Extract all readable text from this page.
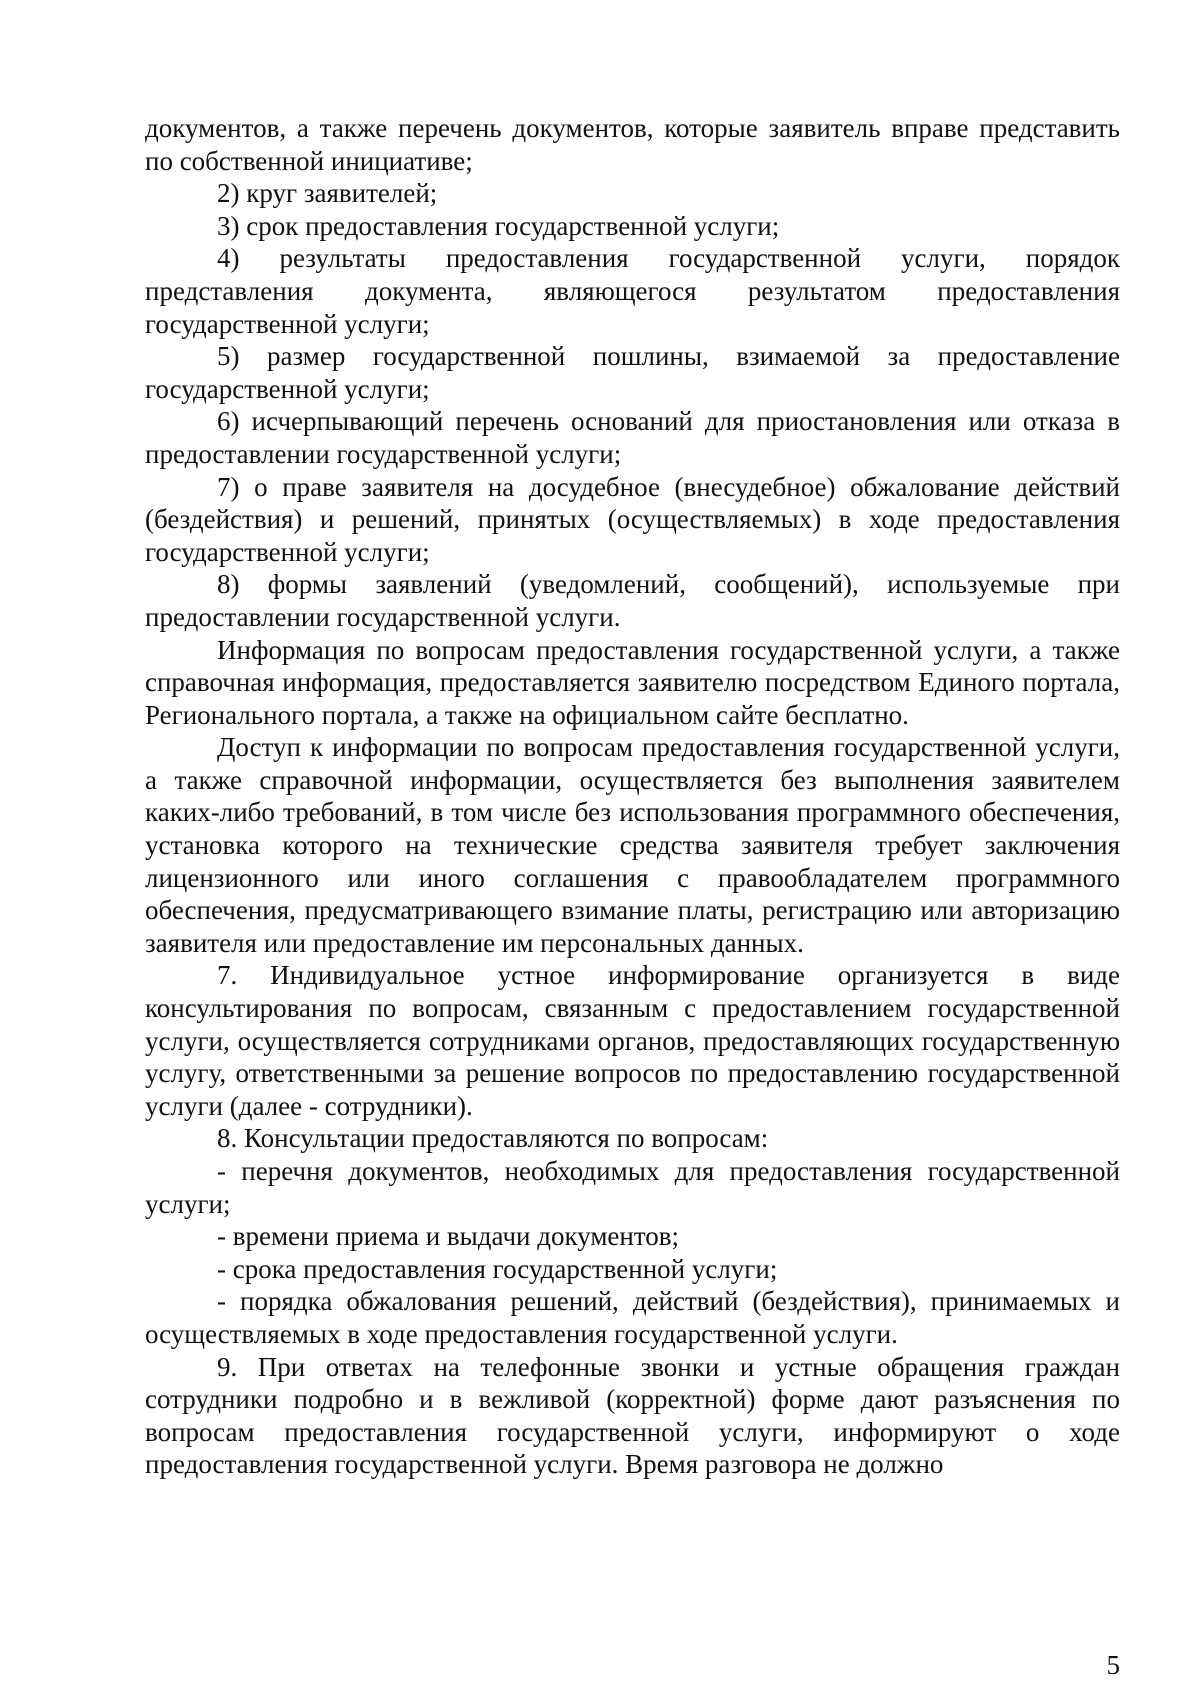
документов, а также перечень документов, которые заявитель вправе представить по собственной инициативе;

2) круг заявителей;

3) срок предоставления государственной услуги;

4) результаты предоставления государственной услуги, порядок представления документа, являющегося результатом предоставления государственной услуги;

5) размер государственной пошлины, взимаемой за предоставление государственной услуги;

6) исчерпывающий перечень оснований для приостановления или отказа в предоставлении государственной услуги;

7) о праве заявителя на досудебное (внесудебное) обжалование действий (бездействия) и решений, принятых (осуществляемых) в ходе предоставления государственной услуги;

8) формы заявлений (уведомлений, сообщений), используемые при предоставлении государственной услуги.

Информация по вопросам предоставления государственной услуги, а также справочная информация, предоставляется заявителю посредством Единого портала, Регионального портала, а также на официальном сайте бесплатно.

Доступ к информации по вопросам предоставления государственной услуги, а также справочной информации, осуществляется без выполнения заявителем каких-либо требований, в том числе без использования программного обеспечения, установка которого на технические средства заявителя требует заключения лицензионного или иного соглашения с правообладателем программного обеспечения, предусматривающего взимание платы, регистрацию или авторизацию заявителя или предоставление им персональных данных.

7. Индивидуальное устное информирование организуется в виде консультирования по вопросам, связанным с предоставлением государственной услуги, осуществляется сотрудниками органов, предоставляющих государственную услугу, ответственными за решение вопросов по предоставлению государственной услуги (далее - сотрудники).

8. Консультации предоставляются по вопросам:

- перечня документов, необходимых для предоставления государственной услуги;

- времени приема и выдачи документов;

- срока предоставления государственной услуги;

- порядка обжалования решений, действий (бездействия), принимаемых и осуществляемых в ходе предоставления государственной услуги.

9. При ответах на телефонные звонки и устные обращения граждан сотрудники подробно и в вежливой (корректной) форме дают разъяснения по вопросам предоставления государственной услуги, информируют о ходе предоставления государственной услуги. Время разговора не должно

5
